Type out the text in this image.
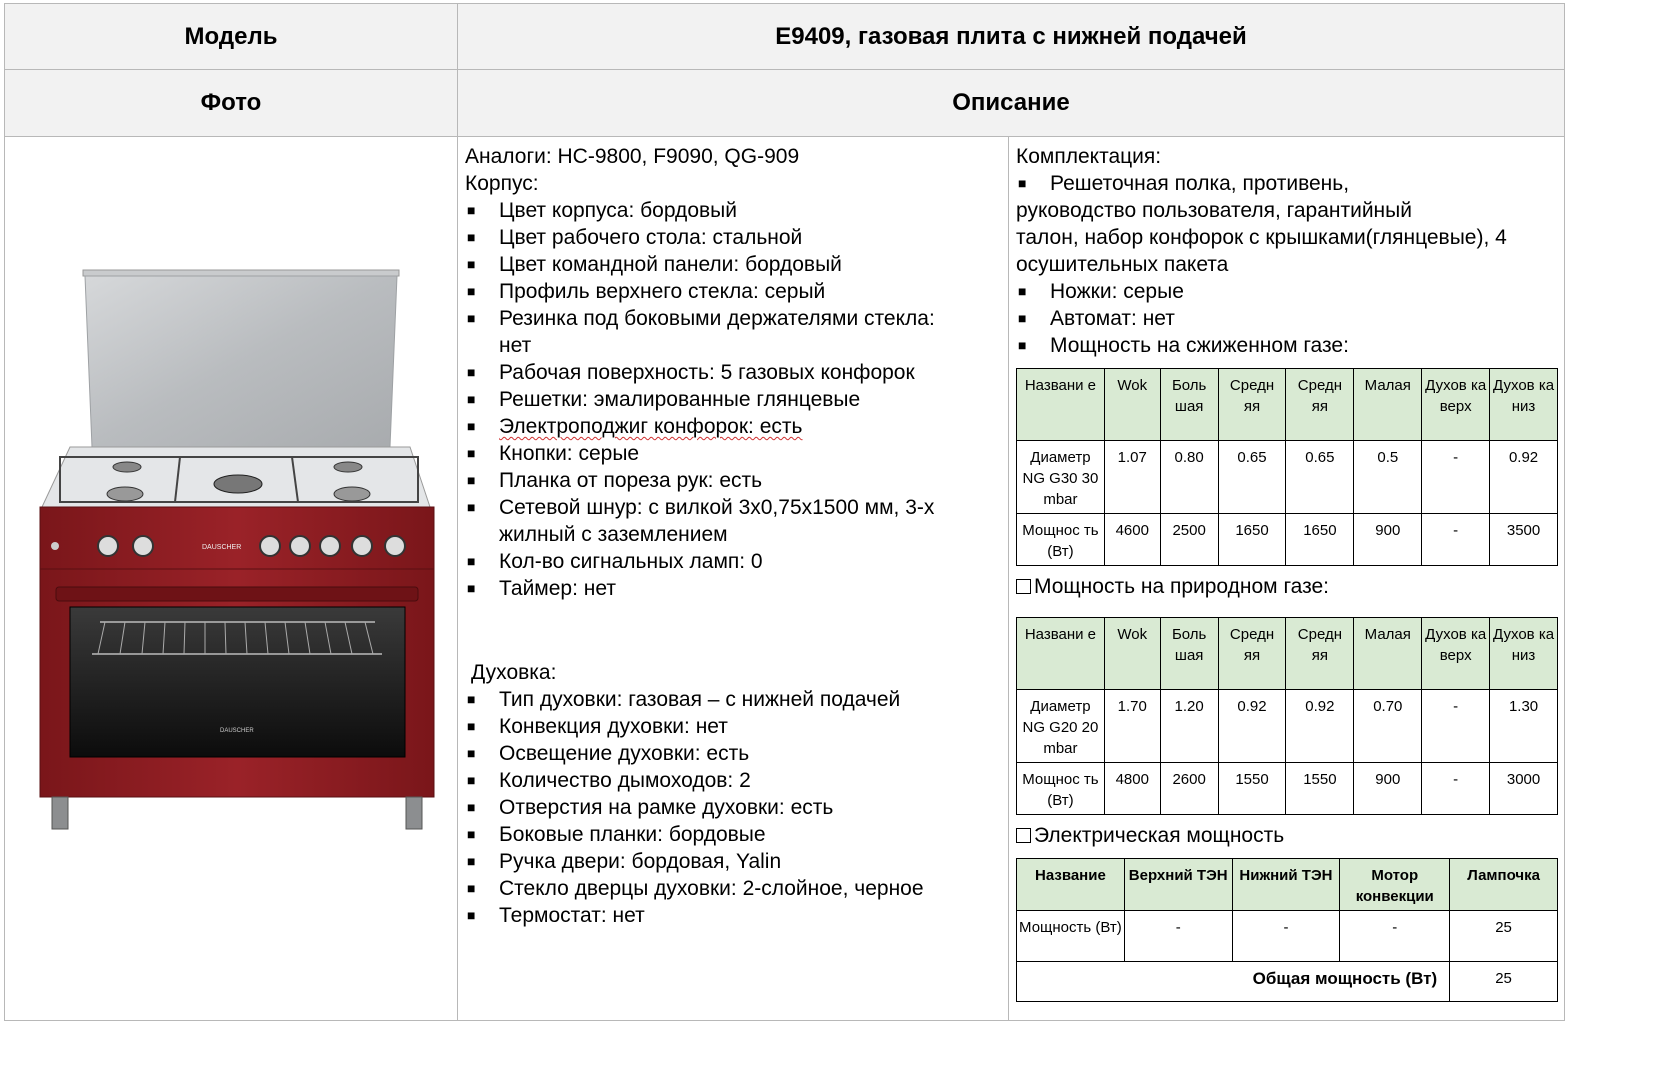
Модель	E9409, газовая плита с нижней подачей
Фото	Описание
DAUSCHER
DAUSCHER
Аналоги: HC-9800, F9090, QG-909
Корпус:
■	Цвет корпуса: бордовый
■	Цвет рабочего стола: стальной
■	Цвет командной панели: бордовый
■	Профиль верхнего стекла: серый
■	Резинка под боковыми держателями стекла:
нет
■	Рабочая поверхность: 5 газовых конфорок
■	Решетки: эмалированные глянцевые
■	Электроподжиг конфорок: есть
■	Кнопки: серые
■	Планка от пореза рук: есть
■	Сетевой шнур: с вилкой 3x0,75x1500 мм, 3-х
жилный с заземлением
■	Кол-во сигнальных ламп: 0
■	Таймер: нет
Духовка:
■	Тип духовки: газовая – с нижней подачей
■	Конвекция духовки: нет
■	Освещение духовки: есть
■	Количество дымоходов: 2
■	Отверстия на рамке духовки: есть
■	Боковые планки: бордовые
■	Ручка двери: бордовая, Yalin
■	Стекло дверцы духовки: 2-слойное, черное
■	Термостат: нет
Комплектация:
■	Решеточная полка, противень,
руководство пользователя, гарантийный
талон, набор конфорок с крышками(глянцевые), 4
осушительных пакета
■	Ножки: серые
■	Автомат: нет
■	Мощность на сжиженном газе:
Названи е	Wok	Боль шая	Средн яя	Средн яя	Малая	Духов ка верх	Духов ка низ
Диаметр NG G30 30 mbar	1.07	0.80	0.65	0.65	0.5	-	0.92
Мощнос ть (Вт)	4600	2500	1650	1650	900	-	3500
Мощность на природном газе:
Названи е	Wok	Боль шая	Средн яя	Средн яя	Малая	Духов ка верх	Духов ка низ
Диаметр NG G20 20 mbar	1.70	1.20	0.92	0.92	0.70	-	1.30
Мощнос ть (Вт)	4800	2600	1550	1550	900	-	3000
Электрическая мощность
Название	Верхний ТЭН	Нижний ТЭН	Мотор конвекции	Лампочка
Мощность (Вт)	-	-	-	25
Общая мощность (Вт)				25
